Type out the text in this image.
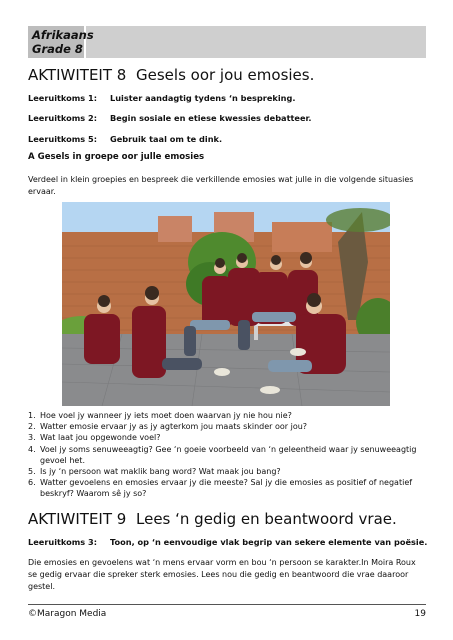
Afrikaans
Grade 8
AKTIWITEIT 8 Gesels oor jou emosies.
Leeruitkoms 1: Luister aandagtig tydens ‘n bespreking.
Leeruitkoms 2: Begin sosiale en etiese kwessies debatteer.
Leeruitkoms 5: Gebruik taal om te dink.
A Gesels in groepe oor julle emosies
Verdeel in klein groepies en bespreek die verkillende emosies wat julle in die volgende situasies ervaar.
1. Hoe voel jy wanneer jy iets moet doen waarvan jy nie hou nie?
2. Watter emosie ervaar jy as jy agterkom jou maats skinder oor jou?
3. Wat laat jou opgewonde voel?
4. Voel jy soms senuweeagtig? Gee ‘n goeie voorbeeld van ‘n geleentheid waar jy senuweeagtig gevoel het.
5. Is jy ‘n persoon wat maklik bang word? Wat maak jou bang?
6. Watter gevoelens en emosies ervaar jy die meeste? Sal jy die emosies as positief of negatief beskryf? Waarom sê jy so?
AKTIWITEIT 9 Lees ‘n gedig en beantwoord vrae.
Leeruitkoms 3: Toon, op ‘n eenvoudige vlak begrip van sekere elemente van poësie.
Die emosies en gevoelens wat ‘n mens ervaar vorm en bou ‘n persoon se karakter.In Moira Roux se gedig ervaar die spreker sterk emosies. Lees nou die gedig en beantwoord die vrae daaroor gestel.
©Maragon Media	19
